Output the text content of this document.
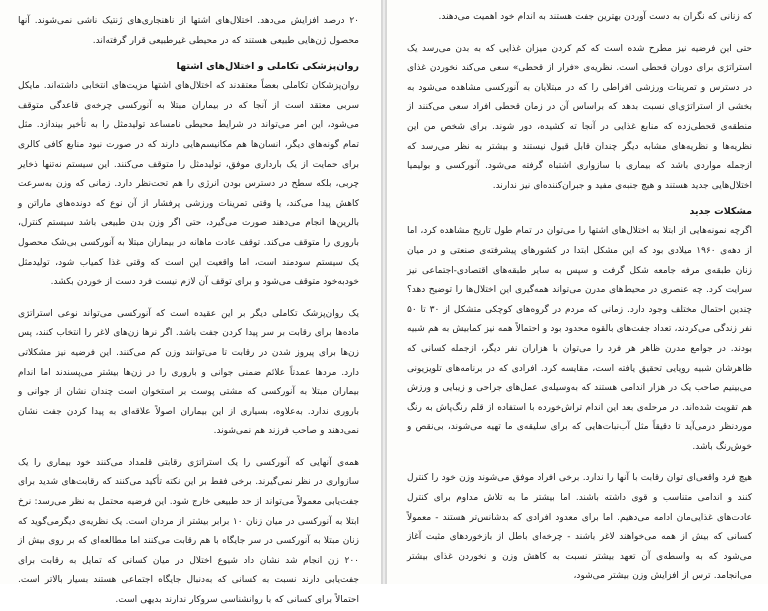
۲۰ درصد افزایش می‌دهد. اختلال‌های اشتها از ناهنجاری‌های ژنتیک ناشی نمی‌شوند. آنها محصول ژن‌هایی طبیعی هستند که در محیطی غیرطبیعی قرار گرفته‌اند.

روان‌پزشکی تکاملی و اختلال‌های اشتها

روان‌پزشکان تکاملی بعضاً معتقدند که اختلال‌های اشتها مزیت‌های انتخابی داشته‌اند. مایکل سربی معتقد است از آنجا که در بیماران مبتلا به آنورکسی چرخه‌ی قاعدگی متوقف می‌شود، این امر می‌تواند در شرایط محیطی نامساعد تولیدمثل را به تأخیر بیندازد. مثل تمام گونه‌های دیگر، انسان‌ها هم مکانیسم‌هایی دارند که در صورت نبود منابع کافی کالری برای حمایت از یک بارداری موفق، تولیدمثل را متوقف می‌کنند. این سیستم نه‌تنها ذخایر چربی، بلکه سطح در دسترس بودن انرژی را هم تحت‌نظر دارد. زمانی که وزن به‌سرعت کاهش پیدا می‌کند، یا وقتی تمرینات ورزشی پرفشار از آن نوع که دونده‌های ماراتن و بالرین‌ها انجام می‌دهند صورت می‌گیرد، حتی اگر وزن بدن طبیعی باشد سیستم کنترل، باروری را متوقف می‌کند. توقف عادت ماهانه در بیماران مبتلا به آنورکسی بی‌شک محصول یک سیستم سودمند است، اما واقعیت این است که وقتی غذا کمیاب شود، تولیدمثل خودبه‌خود متوقف می‌شود و برای توقف آن لازم نیست فرد دست از خوردن بکشد.

یک روان‌پزشک تکاملی دیگر بر این عقیده است که آنورکسی می‌تواند نوعی استراتژی ماده‌ها برای رقابت بر سر پیدا کردن جفت باشد. اگر نرها زن‌های لاغر را انتخاب کنند، پس زن‌ها برای پیروز شدن در رقابت تا می‌توانند وزن کم می‌کنند. این فرضیه نیز مشکلاتی دارد. مردها عمدتاً علائم ضمنی جوانی و باروری را در زن‌ها بیشتر می‌پسندند اما اندام بیماران مبتلا به آنورکسی که مشتی پوست بر استخوان است چندان نشان از جوانی و باروری ندارد. به‌علاوه، بسیاری از این بیماران اصولاً علاقه‌ای به پیدا کردن جفت نشان نمی‌دهند و صاحب فرزند هم نمی‌شوند.

همه‌ی آنهایی که آنورکسی را یک استراتژی رقابتی قلمداد می‌کنند خود بیماری را یک سازواری در نظر نمی‌گیرند. برخی فقط بر این نکته تأکید می‌کنند که رقابت‌های شدید برای جفت‌یابی معمولاً می‌تواند از حد طبیعی خارج شود. این فرضیه محتمل به نظر می‌رسد: نرخ ابتلا به آنورکسی در میان زنان ۱۰ برابر بیشتر از مردان است. یک نظریه‌ی دیگرمی‌گوید که زنان مبتلا به آنورکسی در سر جایگاه با هم رقابت می‌کنند اما مطالعه‌ای که بر روی بیش از ۲۰۰ زن انجام شد نشان داد شیوع اختلال در میان کسانی که تمایل به رقابت برای جفت‌یابی دارند نسبت به کسانی که به‌دنبال جایگاه اجتماعی هستند بسیار بالاتر است. احتمالاً برای کسانی که با روانشناسی سروکار ندارند بدیهی است.

که زنانی که نگران به دست آوردن بهترین جفت هستند به اندام خود اهمیت می‌دهند.

حتی این فرضیه نیز مطرح شده است که کم کردن میزان غذایی که به بدن می‌رسد یک استراتژی برای دوران قحطی است. نظریه‌ی «فرار از قحطی» سعی می‌کند نخوردن غذای در دسترس و تمرینات ورزشی افراطی را که در مبتلایان به آنورکسی مشاهده می‌شود به بخشی از استراتژی‌ای نسبت بدهد که براساس آن در زمان قحطی افراد سعی می‌کنند از منطقه‌ی قحطی‌زده که منابع غذایی در آنجا ته کشیده، دور شوند. برای شخص من این نظریه‌ها و نظریه‌های مشابه دیگر چندان قابل قبول نیستند و بیشتر به نظر می‌رسد که ازجمله مواردی باشد که بیماری با سازواری اشتباه گرفته می‌شود. آنورکسی و بولیمیا اختلال‌هایی جدید هستند و هیچ جنبه‌ی مفید و جبران‌کننده‌ای نیز ندارند.

مشکلات جدید

اگرچه نمونه‌هایی از ابتلا به اختلال‌های اشتها را می‌توان در تمام طول تاریخ مشاهده کرد، اما از دهه‌ی ۱۹۶۰ میلادی بود که این مشکل ابتدا در کشورهای پیشرفته‌ی صنعتی و در میان زنان طبقه‌ی مرفه جامعه شکل گرفت و سپس به سایر طبقه‌های اقتصادی-اجتماعی نیز سرایت کرد. چه عنصری در محیط‌های مدرن می‌تواند همه‌گیری این اختلال‌ها را توضیح دهد؟ چندین احتمال مختلف وجود دارد. زمانی که مردم در گروه‌های کوچکی متشکل از ۳۰ تا ۵۰ نفر زندگی می‌کردند، تعداد جفت‌های بالقوه محدود بود و احتمالاً همه نیز کمابیش به هم شبیه بودند. در جوامع مدرن ظاهر هر فرد را می‌توان با هزاران نفر دیگر، ازجمله کسانی که ظاهرشان شبیه رویایی تحقیق یافته است، مقایسه کرد. افرادی که در برنامه‌های تلویزیونی می‌بینیم صاحب یک در هزار اندامی هستند که به‌وسیله‌ی عمل‌های جراحی و زیبایی و ورزش هم تقویت شده‌اند. در مرحله‌ی بعد این اندام تراش‌خورده با استفاده از قلم رنگ‌پاش به رنگ موردنظر درمی‌آید تا دقیقاً مثل آب‌نبات‌هایی که برای سلیقه‌ی ما تهیه می‌شوند، بی‌نقص و خوش‌رنگ باشد.

هیچ فرد واقعی‌ای توان رقابت با آنها را ندارد. برخی افراد موفق می‌شوند وزن خود را کنترل کنند و اندامی متناسب و قوی داشته باشند. اما بیشتر ما به تلاش مداوم برای کنترل عادت‌های غذایی‌مان ادامه می‌دهیم. اما برای معدود افرادی که بدشانس‌تر هستند - معمولاً کسانی که بیش از همه می‌خواهند لاغر باشند - چرخه‌ای باطل از بازخوردهای مثبت آغاز می‌شود که به واسطه‌ی آن تعهد بیشتر نسبت به کاهش وزن و نخوردن غذای بیشتر می‌انجامد. ترس از افزایش وزن بیشتر می‌شود،
